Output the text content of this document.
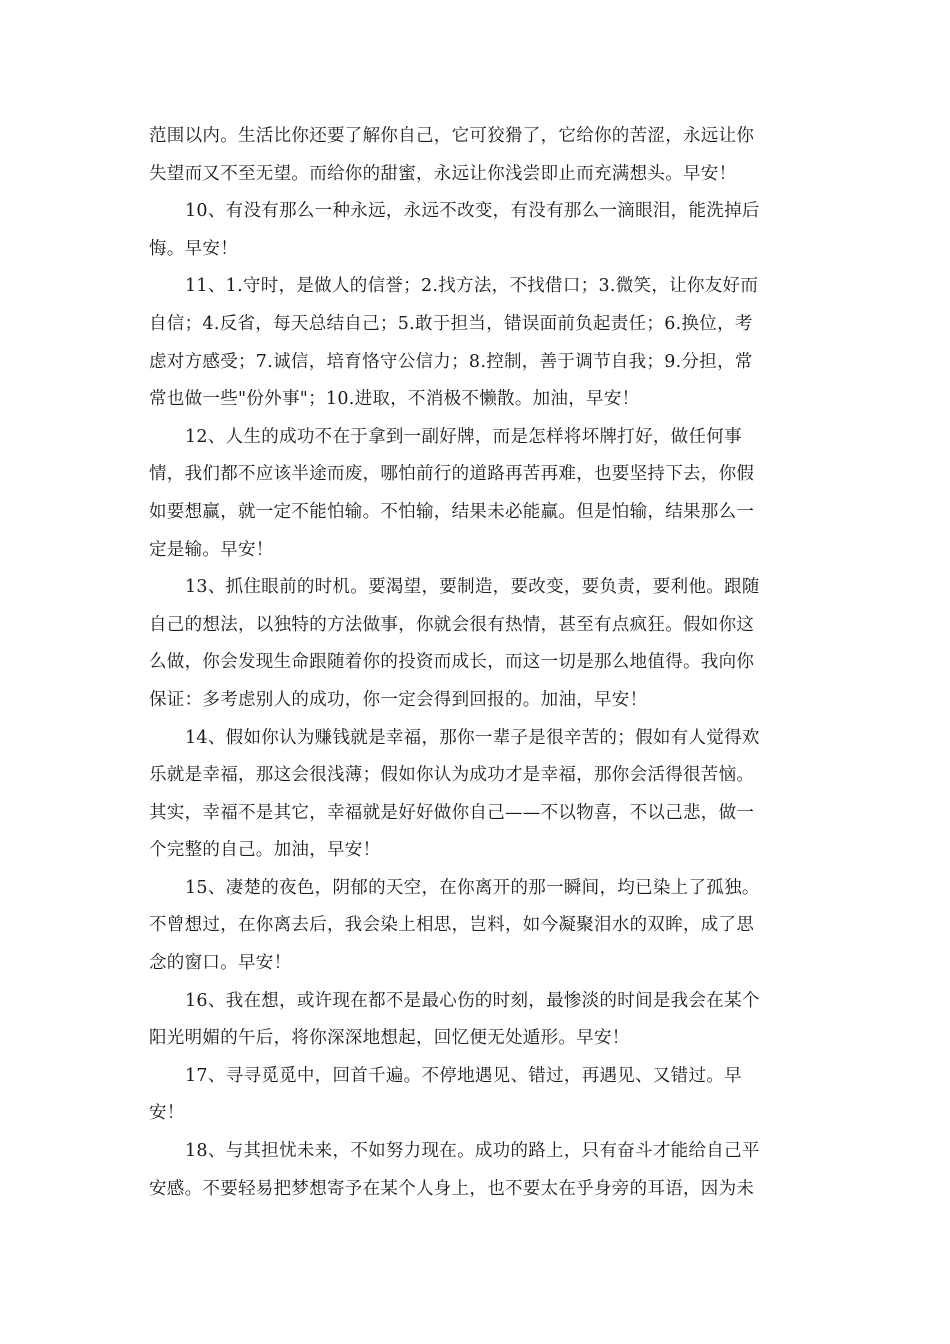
范围以内。生活比你还要了解你自己，它可狡猾了，它给你的苦涩，永远让你
失望而又不至无望。而给你的甜蜜，永远让你浅尝即止而充满想头。早安！
10、有没有那么一种永远，永远不改变，有没有那么一滴眼泪，能洗掉后
悔。早安！
11、1.守时，是做人的信誉；2.找方法，不找借口；3.微笑，让你友好而
自信；4.反省，每天总结自己；5.敢于担当，错误面前负起责任；6.换位，考
虑对方感受；7.诚信，培育恪守公信力；8.控制，善于调节自我；9.分担，常
常也做一些"份外事"；10.进取，不消极不懒散。加油，早安！
12、人生的成功不在于拿到一副好牌，而是怎样将坏牌打好，做任何事
情，我们都不应该半途而废，哪怕前行的道路再苦再难，也要坚持下去，你假
如要想赢，就一定不能怕输。不怕输，结果未必能赢。但是怕输，结果那么一
定是输。早安！
13、抓住眼前的时机。要渴望，要制造，要改变，要负责，要利他。跟随
自己的想法，以独特的方法做事，你就会很有热情，甚至有点疯狂。假如你这
么做，你会发现生命跟随着你的投资而成长，而这一切是那么地值得。我向你
保证：多考虑别人的成功，你一定会得到回报的。加油，早安！
14、假如你认为赚钱就是幸福，那你一辈子是很辛苦的；假如有人觉得欢
乐就是幸福，那这会很浅薄；假如你认为成功才是幸福，那你会活得很苦恼。
其实，幸福不是其它，幸福就是好好做你自己——不以物喜，不以己悲，做一
个完整的自己。加油，早安！
15、凄楚的夜色，阴郁的天空，在你离开的那一瞬间，均已染上了孤独。
不曾想过，在你离去后，我会染上相思，岂料，如今凝聚泪水的双眸，成了思
念的窗口。早安！
16、我在想，或许现在都不是最心伤的时刻，最惨淡的时间是我会在某个
阳光明媚的午后，将你深深地想起，回忆便无处遁形。早安！
17、寻寻觅觅中，回首千遍。不停地遇见、错过，再遇见、又错过。早
安！
18、与其担忧未来，不如努力现在。成功的路上，只有奋斗才能给自己平
安感。不要轻易把梦想寄予在某个人身上，也不要太在乎身旁的耳语，因为未
